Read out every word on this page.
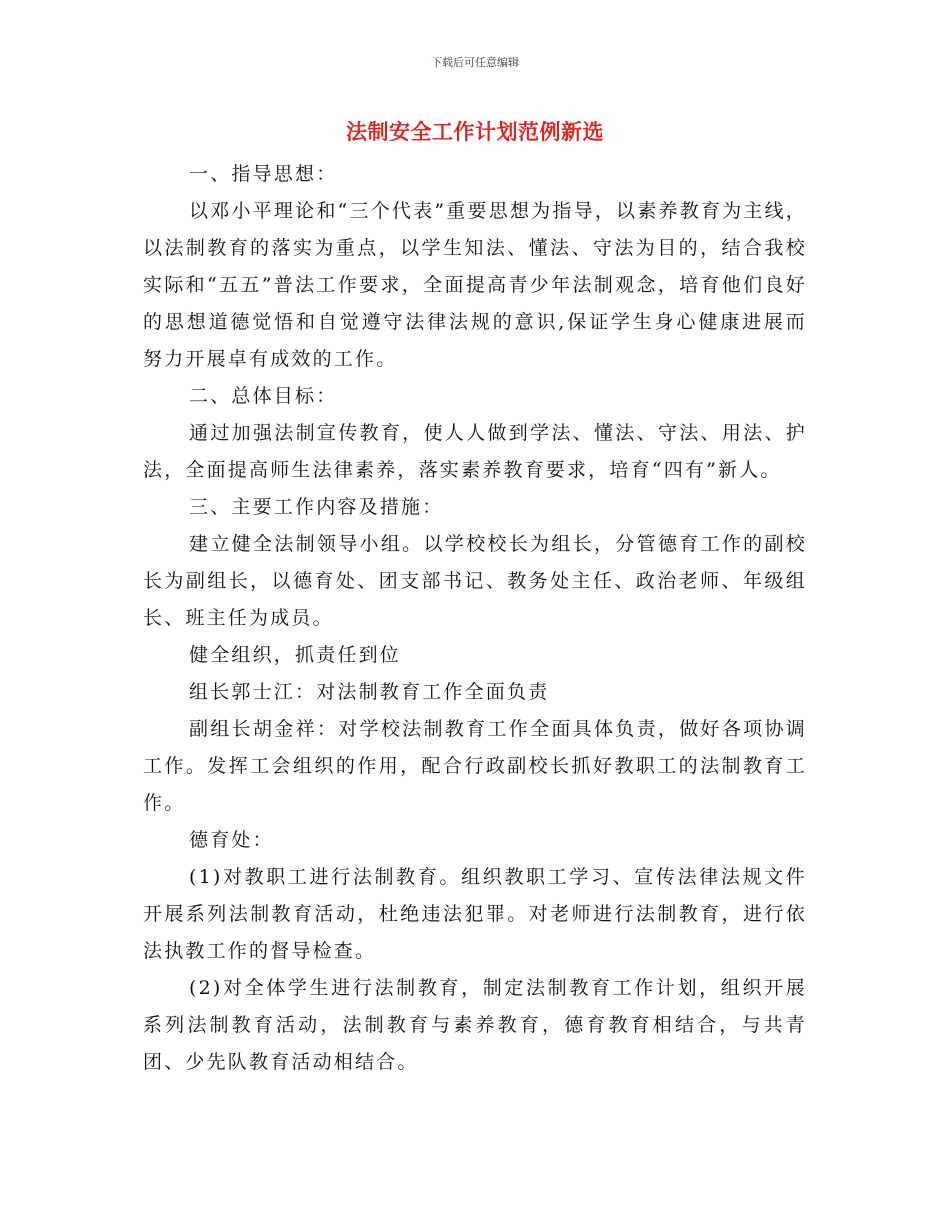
下载后可任意编辑
法制安全工作计划范例新选

一、指导思想：

以邓小平理论和“三个代表”重要思想为指导，以素养教育为主线，以法制教育的落实为重点，以学生知法、懂法、守法为目的，结合我校实际和“五五”普法工作要求，全面提高青少年法制观念，培育他们良好的思想道德觉悟和自觉遵守法律法规的意识,保证学生身心健康进展而努力开展卓有成效的工作。

二、总体目标：

通过加强法制宣传教育，使人人做到学法、懂法、守法、用法、护法，全面提高师生法律素养，落实素养教育要求，培育“四有”新人。

三、主要工作内容及措施：

建立健全法制领导小组。以学校校长为组长，分管德育工作的副校长为副组长，以德育处、团支部书记、教务处主任、政治老师、年级组长、班主任为成员。

健全组织，抓责任到位

组长郭士江：对法制教育工作全面负责

副组长胡金祥：对学校法制教育工作全面具体负责，做好各项协调工作。发挥工会组织的作用，配合行政副校长抓好教职工的法制教育工作。

德育处：

(1)对教职工进行法制教育。组织教职工学习、宣传法律法规文件开展系列法制教育活动，杜绝违法犯罪。对老师进行法制教育，进行依法执教工作的督导检查。

(2)对全体学生进行法制教育，制定法制教育工作计划，组织开展系列法制教育活动，法制教育与素养教育，德育教育相结合，与共青团、少先队教育活动相结合。
